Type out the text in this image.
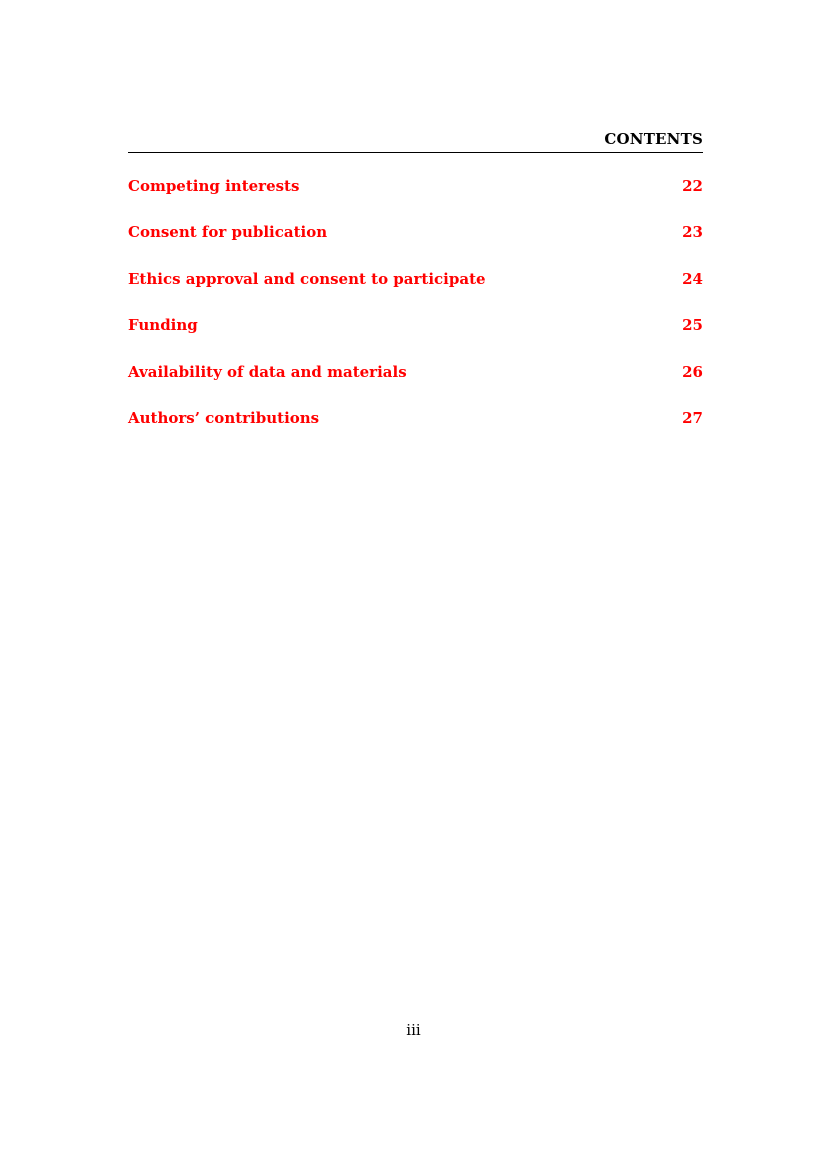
CONTENTS
Competing interests	22
Consent for publication	23
Ethics approval and consent to participate	24
Funding	25
Availability of data and materials	26
Authors’ contributions	27
iii
